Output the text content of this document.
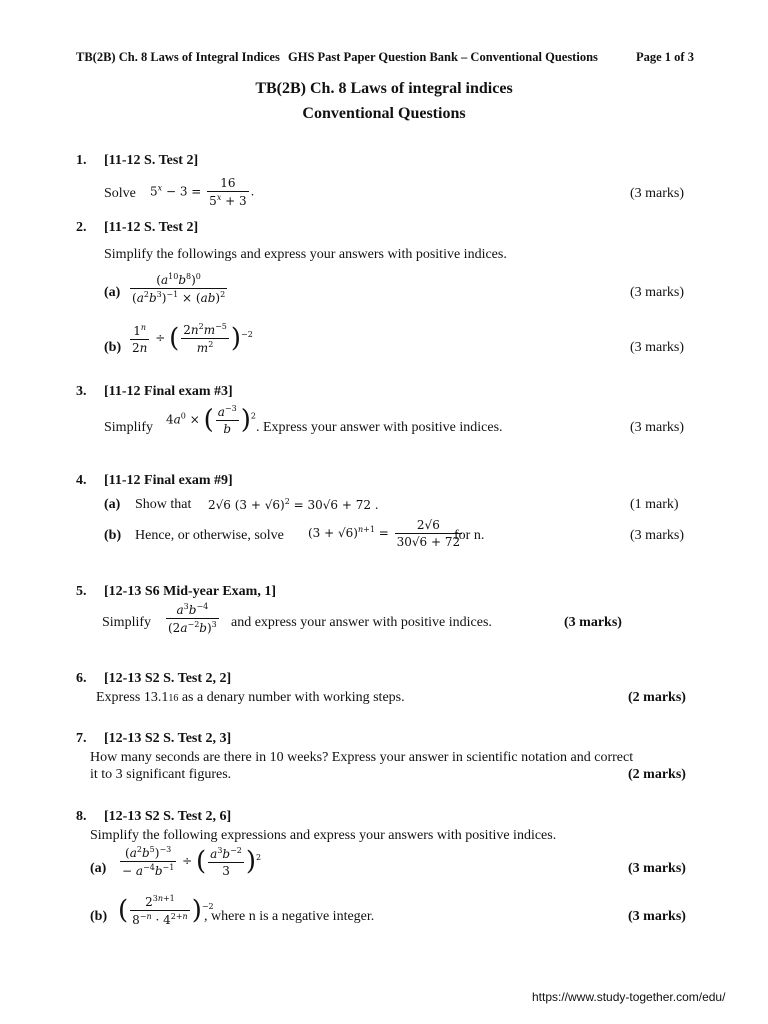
TB(2B) Ch. 8 Laws of Integral Indices GHS Past Paper Question Bank – Conventional Questions	Page 1 of 3
TB(2B) Ch. 8 Laws of integral indices
Conventional Questions
1. [11-12 S. Test 2]
Solve $5^x - 3 = \frac{16}{5^x + 3}$ .	(3 marks)
2. [11-12 S. Test 2]
Simplify the followings and express your answers with positive indices.
$(a) \frac{(a^{10}b^8)^0}{(a^2b^3)^{-1} \times (ab)^2}$	(3 marks)
$(b) \frac{1^n}{2n}$ ÷ ( $\frac{2n^2m^{-5}}{m^2} )^{-2}$
(3 marks)
3. [11-12 Final exam #3]
Simplify
$4a^0$ × ( $\frac{a^{-3}}{b} )^2$
. Express your answer with positive indices.	(3 marks)
4. [11-12 Final exam #9]
(a) Show that 2√6 $(3 + √6)^2 = 30√6 + 72$ .	(1 mark)
(b) Hence, or otherwise, solve $(3 + √6)^{n+1} = \frac{2√6}{30√6 + 72}$
for n.	(3 marks)
5. [12-13 S6 Mid-year Exam, 1]
Simplify $\frac{a^3b^{-4}}{(2a^{-2}b)^3}$ and express your answer with positive indices.	(3 marks)
6. [12-13 S2 S. Test 2, 2]
Express 13.116 as a denary number with working steps.	(2 marks)
7. [12-13 S2 S. Test 2, 3]
How many seconds are there in 10 weeks? Express your answer in scientific notation and correct
it to 3 significant figures.	(2 marks)
8. [12-13 S2 S. Test 2, 6]
Simplify the following expressions and express your answers with positive indices.
$(a) \frac{(a^2b^5)^{-3}}{- a^{-4}b^{-1}}$ ÷ ( $\frac{a^3b^{-2}}{3} )^2$
(3 marks)
(b) ( $\frac{2^{3n+1}}{8^{-n} \cdot 4^{2+n}} )^{-2}$
, where n is a negative integer.	(3 marks)
https://www.study-together.com/edu/
